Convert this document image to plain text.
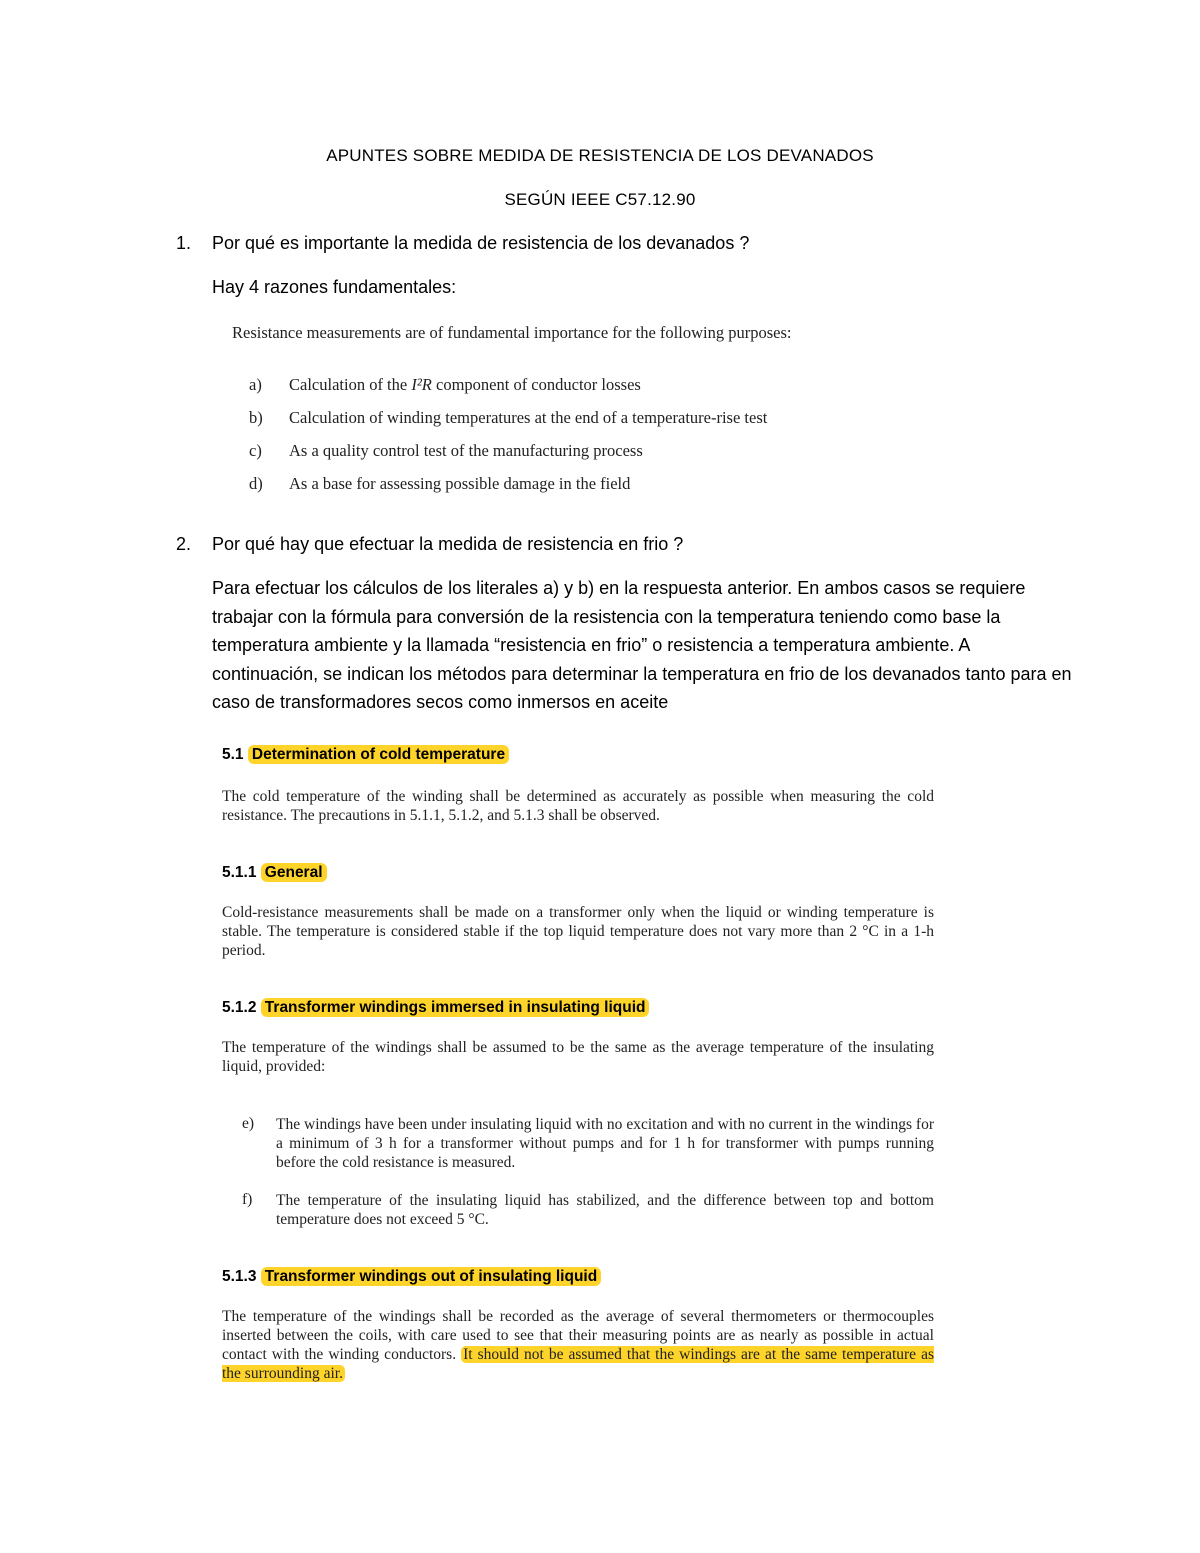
APUNTES SOBRE MEDIDA DE RESISTENCIA DE LOS DEVANADOS
SEGÚN IEEE C57.12.90
1. Por qué es importante la medida de resistencia de los devanados ?
Hay 4 razones fundamentales:
Resistance measurements are of fundamental importance for the following purposes:
a) Calculation of the I²R component of conductor losses
b) Calculation of winding temperatures at the end of a temperature-rise test
c) As a quality control test of the manufacturing process
d) As a base for assessing possible damage in the field
2. Por qué hay que efectuar la medida de resistencia en frio ?
Para efectuar los cálculos de los literales a) y b) en la respuesta anterior. En ambos casos se requiere trabajar con la fórmula para conversión de la resistencia con la temperatura teniendo como base la temperatura ambiente y la llamada “resistencia en frio” o resistencia a temperatura ambiente. A continuación, se indican los métodos para determinar la temperatura en frio de los devanados tanto para en caso de transformadores secos como inmersos en aceite
5.1 Determination of cold temperature
The cold temperature of the winding shall be determined as accurately as possible when measuring the cold resistance. The precautions in 5.1.1, 5.1.2, and 5.1.3 shall be observed.
5.1.1 General
Cold-resistance measurements shall be made on a transformer only when the liquid or winding temperature is stable. The temperature is considered stable if the top liquid temperature does not vary more than 2 °C in a 1-h period.
5.1.2 Transformer windings immersed in insulating liquid
The temperature of the windings shall be assumed to be the same as the average temperature of the insulating liquid, provided:
e) The windings have been under insulating liquid with no excitation and with no current in the windings for a minimum of 3 h for a transformer without pumps and for 1 h for transformer with pumps running before the cold resistance is measured.
f) The temperature of the insulating liquid has stabilized, and the difference between top and bottom temperature does not exceed 5 °C.
5.1.3 Transformer windings out of insulating liquid
The temperature of the windings shall be recorded as the average of several thermometers or thermocouples inserted between the coils, with care used to see that their measuring points are as nearly as possible in actual contact with the winding conductors. It should not be assumed that the windings are at the same temperature as the surrounding air.
